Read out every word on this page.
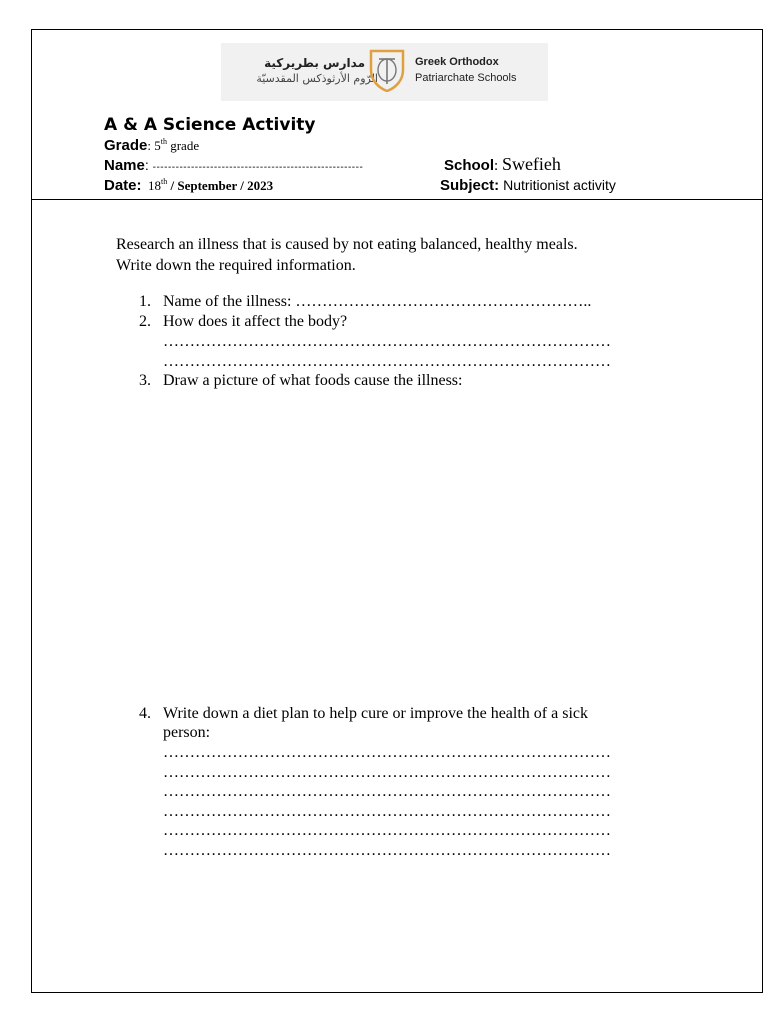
مدارس بطريركية
الرّوم الأرثوذكس المقدسيّة
Greek Orthodox
Patriarchate Schools
A & A Science Activity
Grade: 5th grade
Name: -------------------------------------------------------
Date: 18th / September / 2023
School: Swefieh
Subject: Nutritionist activity
Research an illness that is caused by not eating balanced, healthy meals.
Write down the required information.
1. Name of the illness: ………………………………………………..
2. How does it affect the body?
…………………………………………………………………………
…………………………………………………………………………
3. Draw a picture of what foods cause the illness:
4. Write down a diet plan to help cure or improve the health of a sick
person:
…………………………………………………………………………
…………………………………………………………………………
…………………………………………………………………………
…………………………………………………………………………
…………………………………………………………………………
…………………………………………………………………………
